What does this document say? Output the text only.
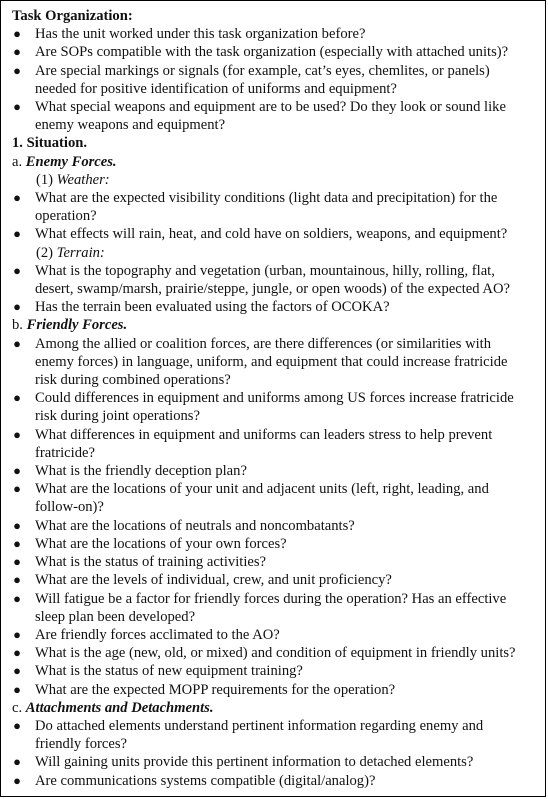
Task Organization:
● Has the unit worked under this task organization before?
● Are SOPs compatible with the task organization (especially with attached units)?
● Are special markings or signals (for example, cat’s eyes, chemlites, or panels) needed for positive identification of uniforms and equipment?
● What special weapons and equipment are to be used? Do they look or sound like enemy weapons and equipment?
1. Situation.
a. Enemy Forces.
(1) Weather:
● What are the expected visibility conditions (light data and precipitation) for the operation?
● What effects will rain, heat, and cold have on soldiers, weapons, and equipment?
(2) Terrain:
● What is the topography and vegetation (urban, mountainous, hilly, rolling, flat, desert, swamp/marsh, prairie/steppe, jungle, or open woods) of the expected AO?
● Has the terrain been evaluated using the factors of OCOKA?
b. Friendly Forces.
● Among the allied or coalition forces, are there differences (or similarities with enemy forces) in language, uniform, and equipment that could increase fratricide risk during combined operations?
● Could differences in equipment and uniforms among US forces increase fratricide risk during joint operations?
● What differences in equipment and uniforms can leaders stress to help prevent fratricide?
● What is the friendly deception plan?
● What are the locations of your unit and adjacent units (left, right, leading, and follow-on)?
● What are the locations of neutrals and noncombatants?
● What are the locations of your own forces?
● What is the status of training activities?
● What are the levels of individual, crew, and unit proficiency?
● Will fatigue be a factor for friendly forces during the operation? Has an effective sleep plan been developed?
● Are friendly forces acclimated to the AO?
● What is the age (new, old, or mixed) and condition of equipment in friendly units?
● What is the status of new equipment training?
● What are the expected MOPP requirements for the operation?
c. Attachments and Detachments.
● Do attached elements understand pertinent information regarding enemy and friendly forces?
● Will gaining units provide this pertinent information to detached elements?
● Are communications systems compatible (digital/analog)?
